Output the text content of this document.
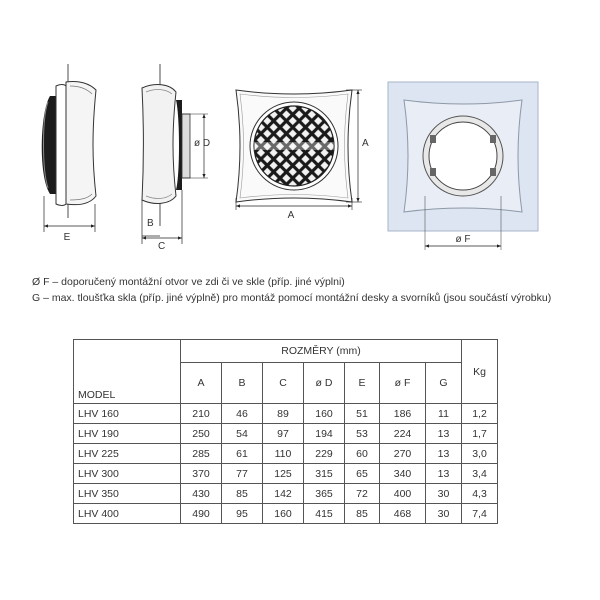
E
ø D
B
C
A
A
ø F
Ø F – doporučený montážní otvor ve zdi či ve skle (příp. jiné výplni)
G – max. tloušťka skla (příp. jiné výplně) pro montáž pomocí montážní desky a svorníků (jsou součástí výrobku)
MODEL	ROZMĚRY (mm)							Kg
	A	B	C	ø D	E	ø F	G	
LHV 160	210	46	89	160	51	186	11	1,2
LHV 190	250	54	97	194	53	224	13	1,7
LHV 225	285	61	110	229	60	270	13	3,0
LHV 300	370	77	125	315	65	340	13	3,4
LHV 350	430	85	142	365	72	400	30	4,3
LHV 400	490	95	160	415	85	468	30	7,4
